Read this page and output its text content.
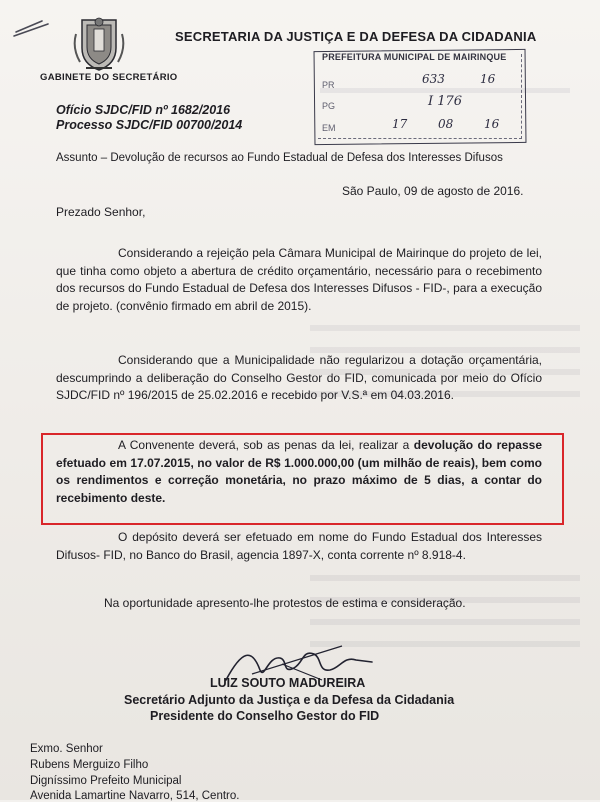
GABINETE DO SECRETÁRIO
SECRETARIA DA JUSTIÇA E DA DEFESA DA CIDADANIA
PREFEITURA MUNICIPAL DE MAIRINQUE
PR	633	16
PG	I 176
EM	17	08	16
Ofício SJDC/FID nº 1682/2016
Processo SJDC/FID 00700/2014
Assunto – Devolução de recursos ao Fundo Estadual de Defesa dos Interesses Difusos
São Paulo, 09 de agosto de 2016.
Prezado Senhor,
Considerando a rejeição pela Câmara Municipal de Mairinque do projeto de lei, que tinha como objeto a abertura de crédito orçamentário, necessário para o recebimento dos recursos do Fundo Estadual de Defesa dos Interesses Difusos - FID-, para a execução de projeto. (convênio firmado em abril de 2015).
Considerando que a Municipalidade não regularizou a dotação orçamentária, descumprindo a deliberação do Conselho Gestor do FID, comunicada por meio do Ofício SJDC/FID nº 196/2015 de 25.02.2016 e recebido por V.S.ª em 04.03.2016.
A Convenente deverá, sob as penas da lei, realizar a devolução do repasse efetuado em 17.07.2015, no valor de R$ 1.000.000,00 (um milhão de reais), bem como os rendimentos e correção monetária, no prazo máximo de 5 dias, a contar do recebimento deste.
O depósito deverá ser efetuado em nome do Fundo Estadual dos Interesses Difusos- FID, no Banco do Brasil, agencia 1897-X, conta corrente nº 8.918-4.
Na oportunidade apresento-lhe protestos de estima e consideração.
LUIZ SOUTO MADUREIRA
Secretário Adjunto da Justiça e da Defesa da Cidadania
Presidente do Conselho Gestor do FID
Exmo. Senhor
Rubens Merguizo Filho
Digníssimo Prefeito Municipal
Avenida Lamartine Navarro, 514, Centro.
